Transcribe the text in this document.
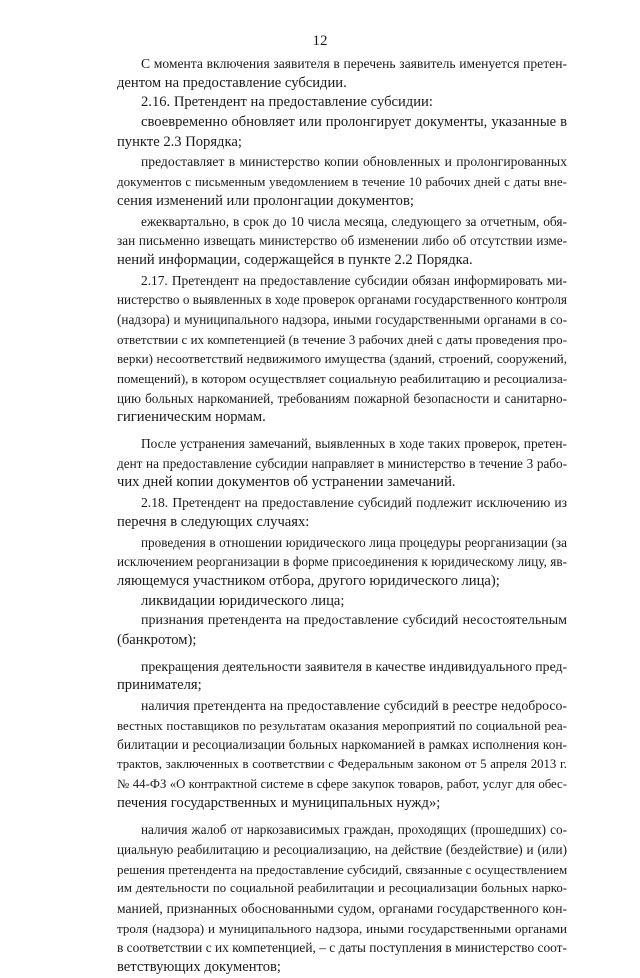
12
С момента включения заявителя в перечень заявитель именуется претен-
дентом на предоставление субсидии.
2.16. Претендент на предоставление субсидии:
своевременно обновляет или пролонгирует документы, указанные в
пункте 2.3 Порядка;
предоставляет в министерство копии обновленных и пролонгированных
документов с письменным уведомлением в течение 10 рабочих дней с даты вне-
сения изменений или пролонгации документов;
ежеквартально, в срок до 10 числа месяца, следующего за отчетным, обя-
зан письменно извещать министерство об изменении либо об отсутствии изме-
нений информации, содержащейся в пункте 2.2 Порядка.
2.17. Претендент на предоставление субсидии обязан информировать ми-
нистерство о выявленных в ходе проверок органами государственного контроля
(надзора) и муниципального надзора, иными государственными органами в со-
ответствии с их компетенцией (в течение 3 рабочих дней с даты проведения про-
верки) несоответствий недвижимого имущества (зданий, строений, сооружений,
помещений), в котором осуществляет социальную реабилитацию и ресоциализа-
цию больных наркоманией, требованиям пожарной безопасности и санитарно-
гигиеническим нормам.
После устранения замечаний, выявленных в ходе таких проверок, претен-
дент на предоставление субсидии направляет в министерство в течение 3 рабо-
чих дней копии документов об устранении замечаний.
2.18. Претендент на предоставление субсидий подлежит исключению из
перечня в следующих случаях:
проведения в отношении юридического лица процедуры реорганизации (за
исключением реорганизации в форме присоединения к юридическому лицу, яв-
ляющемуся участником отбора, другого юридического лица);
ликвидации юридического лица;
признания претендента на предоставление субсидий несостоятельным
(банкротом);
прекращения деятельности заявителя в качестве индивидуального пред-
принимателя;
наличия претендента на предоставление субсидий в реестре недобросо-
вестных поставщиков по результатам оказания мероприятий по социальной реа-
билитации и ресоциализации больных наркоманией в рамках исполнения кон-
трактов, заключенных в соответствии с Федеральным законом от 5 апреля 2013 г.
№ 44-ФЗ «О контрактной системе в сфере закупок товаров, работ, услуг для обес-
печения государственных и муниципальных нужд»;
наличия жалоб от наркозависимых граждан, проходящих (прошедших) со-
циальную реабилитацию и ресоциализацию, на действие (бездействие) и (или)
решения претендента на предоставление субсидий, связанные с осуществлением
им деятельности по социальной реабилитации и ресоциализации больных нарко-
манией, признанных обоснованными судом, органами государственного кон-
троля (надзора) и муниципального надзора, иными государственными органами
в соответствии с их компетенцией, – с даты поступления в министерство соот-
ветствующих документов;
